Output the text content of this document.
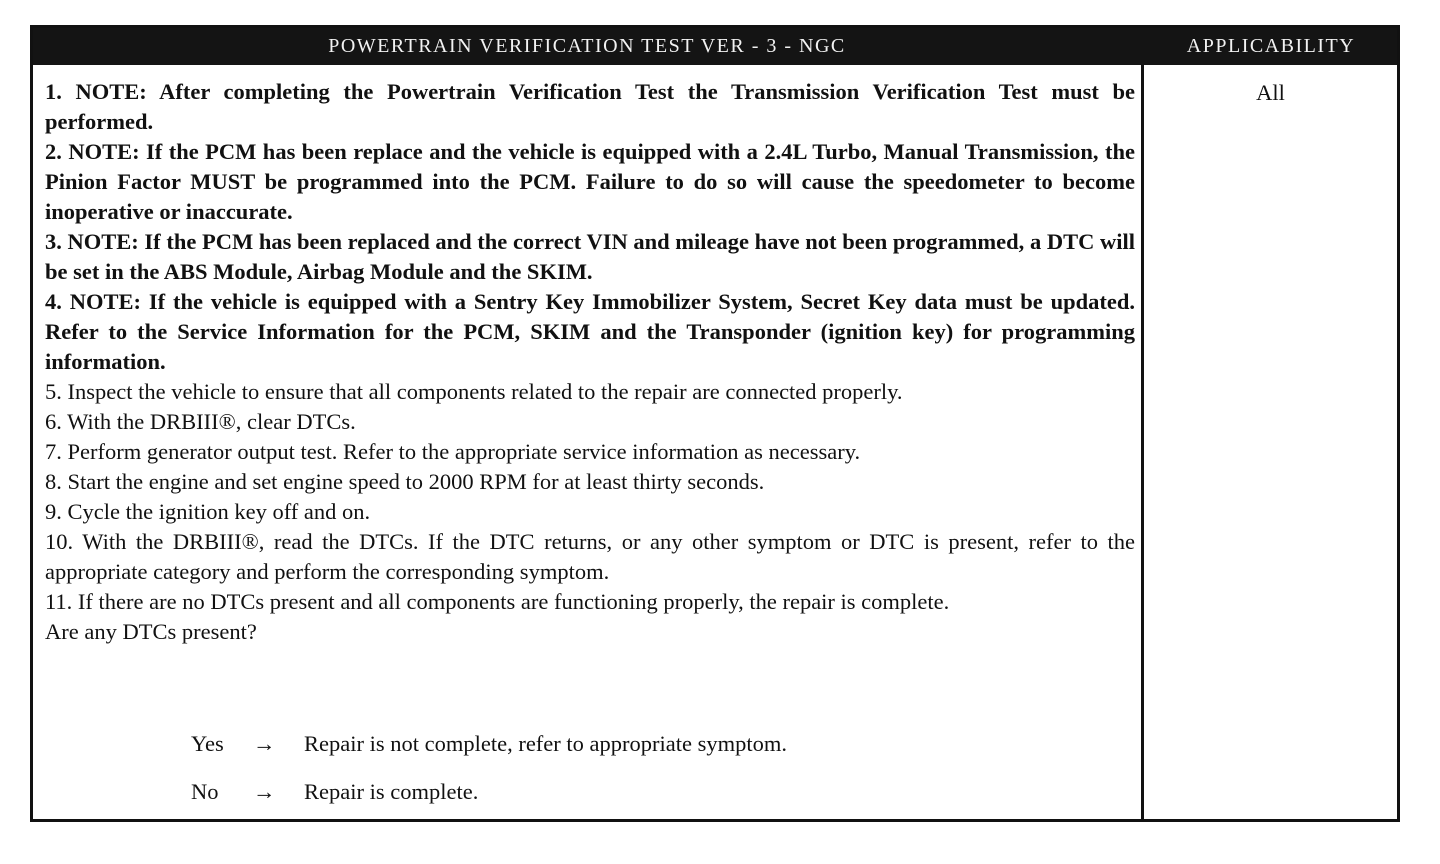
POWERTRAIN VERIFICATION TEST VER - 3 - NGC	APPLICABILITY

1. NOTE: After completing the Powertrain Verification Test the Transmission Verification Test must be performed.

2. NOTE: If the PCM has been replace and the vehicle is equipped with a 2.4L Turbo, Manual Transmission, the Pinion Factor MUST be programmed into the PCM. Failure to do so will cause the speedometer to become inoperative or inaccurate.

3. NOTE: If the PCM has been replaced and the correct VIN and mileage have not been programmed, a DTC will be set in the ABS Module, Airbag Module and the SKIM.

4. NOTE: If the vehicle is equipped with a Sentry Key Immobilizer System, Secret Key data must be updated. Refer to the Service Information for the PCM, SKIM and the Transponder (ignition key) for programming information.

5. Inspect the vehicle to ensure that all components related to the repair are connected properly.

6. With the DRBIII®, clear DTCs.

7. Perform generator output test. Refer to the appropriate service information as necessary.

8. Start the engine and set engine speed to 2000 RPM for at least thirty seconds.

9. Cycle the ignition key off and on.

10. With the DRBIII®, read the DTCs. If the DTC returns, or any other symptom or DTC is present, refer to the appropriate category and perform the corresponding symptom.

11. If there are no DTCs present and all components are functioning properly, the repair is complete.

Are any DTCs present?

Yes → Repair is not complete, refer to appropriate symptom.
No → Repair is complete.
All
